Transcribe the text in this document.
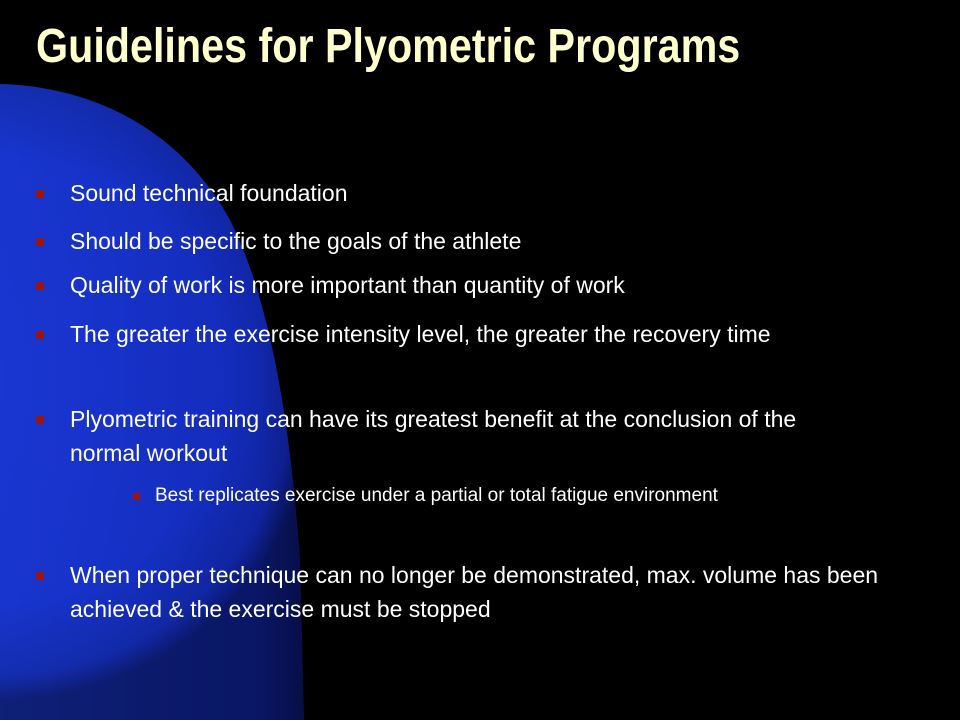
Guidelines for Plyometric Programs
Sound technical foundation
Should be specific to the goals of the athlete
Quality of work is more important than quantity of work
The greater the exercise intensity level, the greater the recovery time
Plyometric training can have its greatest benefit at the conclusion of the normal workout
Best replicates exercise under a partial or total fatigue environment
When proper technique can no longer be demonstrated, max. volume has been achieved & the exercise must be stopped
